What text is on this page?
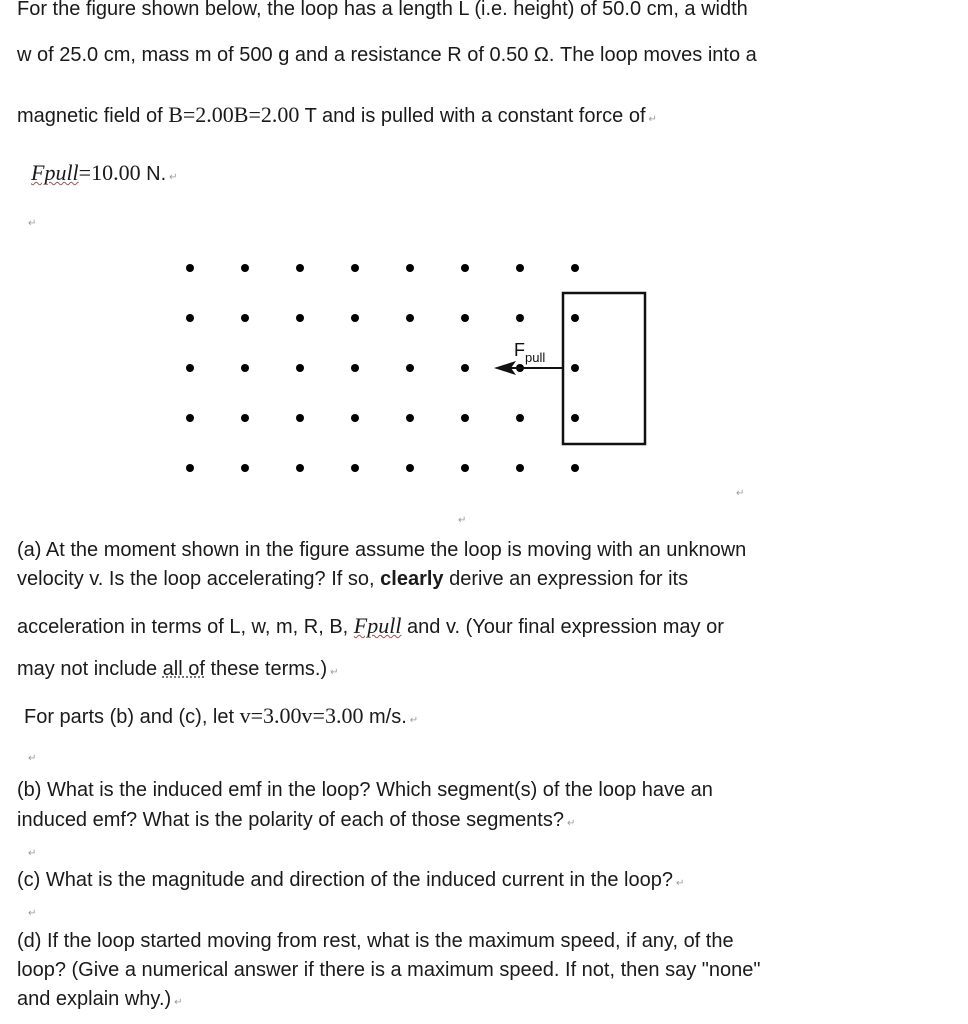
For the figure shown below, the loop has a length L (i.e. height) of 50.0 cm, a width
w of 25.0 cm, mass m of 500 g and a resistance R of 0.50 Ω. The loop moves into a
magnetic field of B=2.00B=2.00 T and is pulled with a constant force of ↵
Fpull=10.00 N. ↵
↵
$F_{pull}$
↵
↵
(a) At the moment shown in the figure assume the loop is moving with an unknown
velocity v. Is the loop accelerating? If so, clearly derive an expression for its
acceleration in terms of L, w, m, R, B, Fpull and v. (Your final expression may or
may not include all of these terms.) ↵
For parts (b) and (c), let v=3.00v=3.00 m/s. ↵
↵
(b) What is the induced emf in the loop? Which segment(s) of the loop have an
induced emf? What is the polarity of each of those segments? ↵
↵
(c) What is the magnitude and direction of the induced current in the loop? ↵
↵
(d) If the loop started moving from rest, what is the maximum speed, if any, of the
loop? (Give a numerical answer if there is a maximum speed. If not, then say "none"
and explain why.) ↵
